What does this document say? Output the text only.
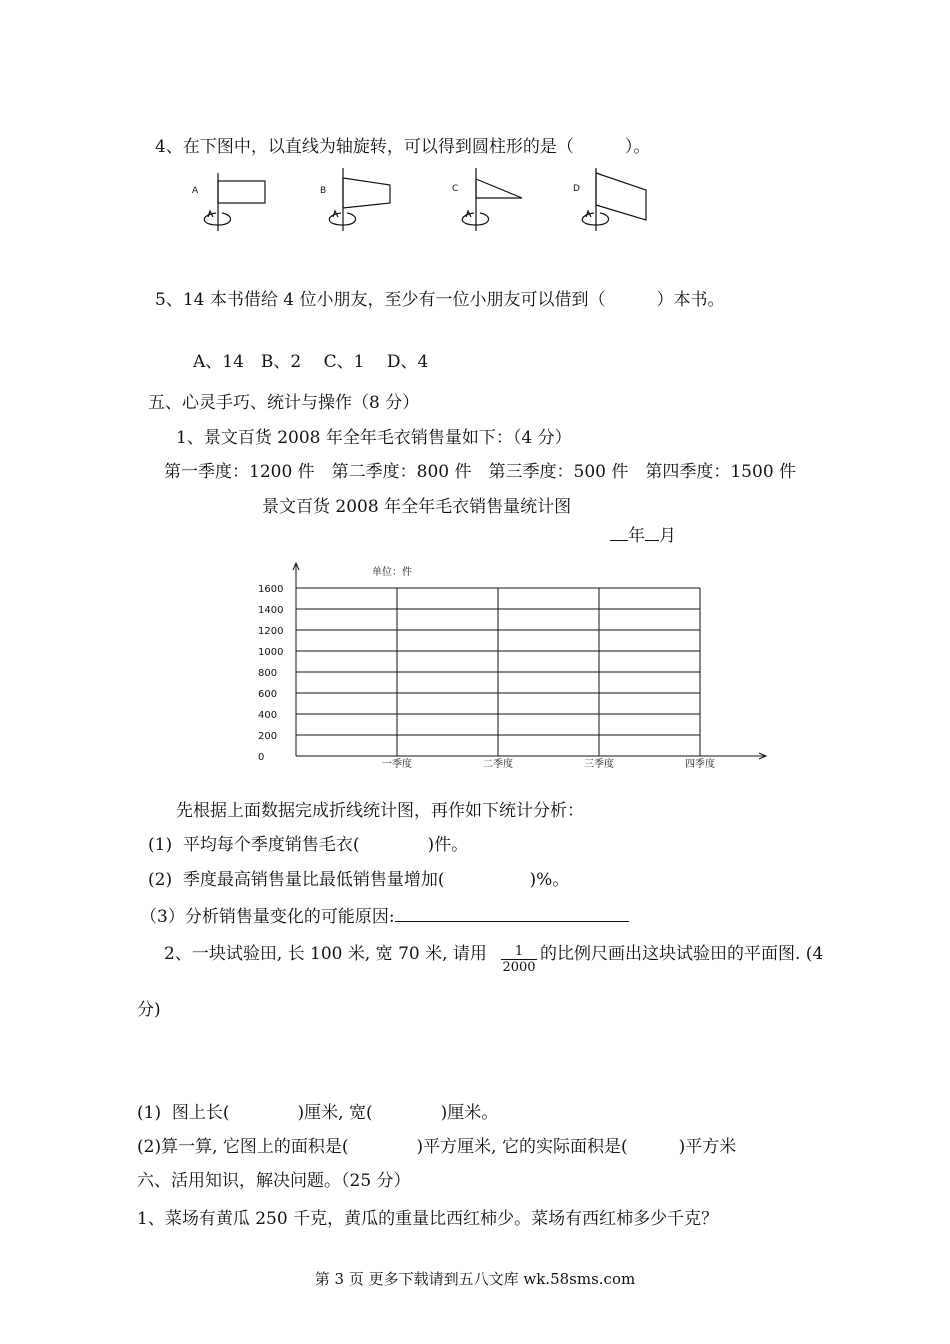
4、在下图中，以直线为轴旋转，可以得到圆柱形的是（　　　）。
A	B	C	D
5、14 本书借给 4 位小朋友，至少有一位小朋友可以借到（　　　）本书。
A、14　B、2　 C、1　 D、4
五、心灵手巧、统计与操作（8 分）
1、景文百货 2008 年全年毛衣销售量如下：（4 分）
第一季度：1200 件　第二季度：800 件　第三季度：500 件　第四季度：1500 件
景文百货 2008 年全年毛衣销售量统计图
年 月
1600
1400
1200
1000
800
600
400
200
0
一季度	二季度	三季度	四季度
单位：件
先根据上面数据完成折线统计图，再作如下统计分析：
(1)  平均每个季度销售毛衣(　　　　)件。
(2)  季度最高销售量比最低销售量增加(　　　　　)%。
（3）分析销售量变化的可能原因:
2、一块试验田, 长 100 米, 宽 70 米, 请用 $\frac{1}{2000}$ 的比例尺画出这块试验田的平面图. (4
分)
(1)  图上长(　　　　)厘米, 宽(　　　　)厘米。
(2)算一算, 它图上的面积是(　　　　)平方厘米, 它的实际面积是(　　　)平方米
六、活用知识，解决问题。（25 分）
1、菜场有黄瓜 250 千克，黄瓜的重量比西红柿少。菜场有西红柿多少千克？
第 3 页 更多下载请到五八文库 wk.58sms.com
